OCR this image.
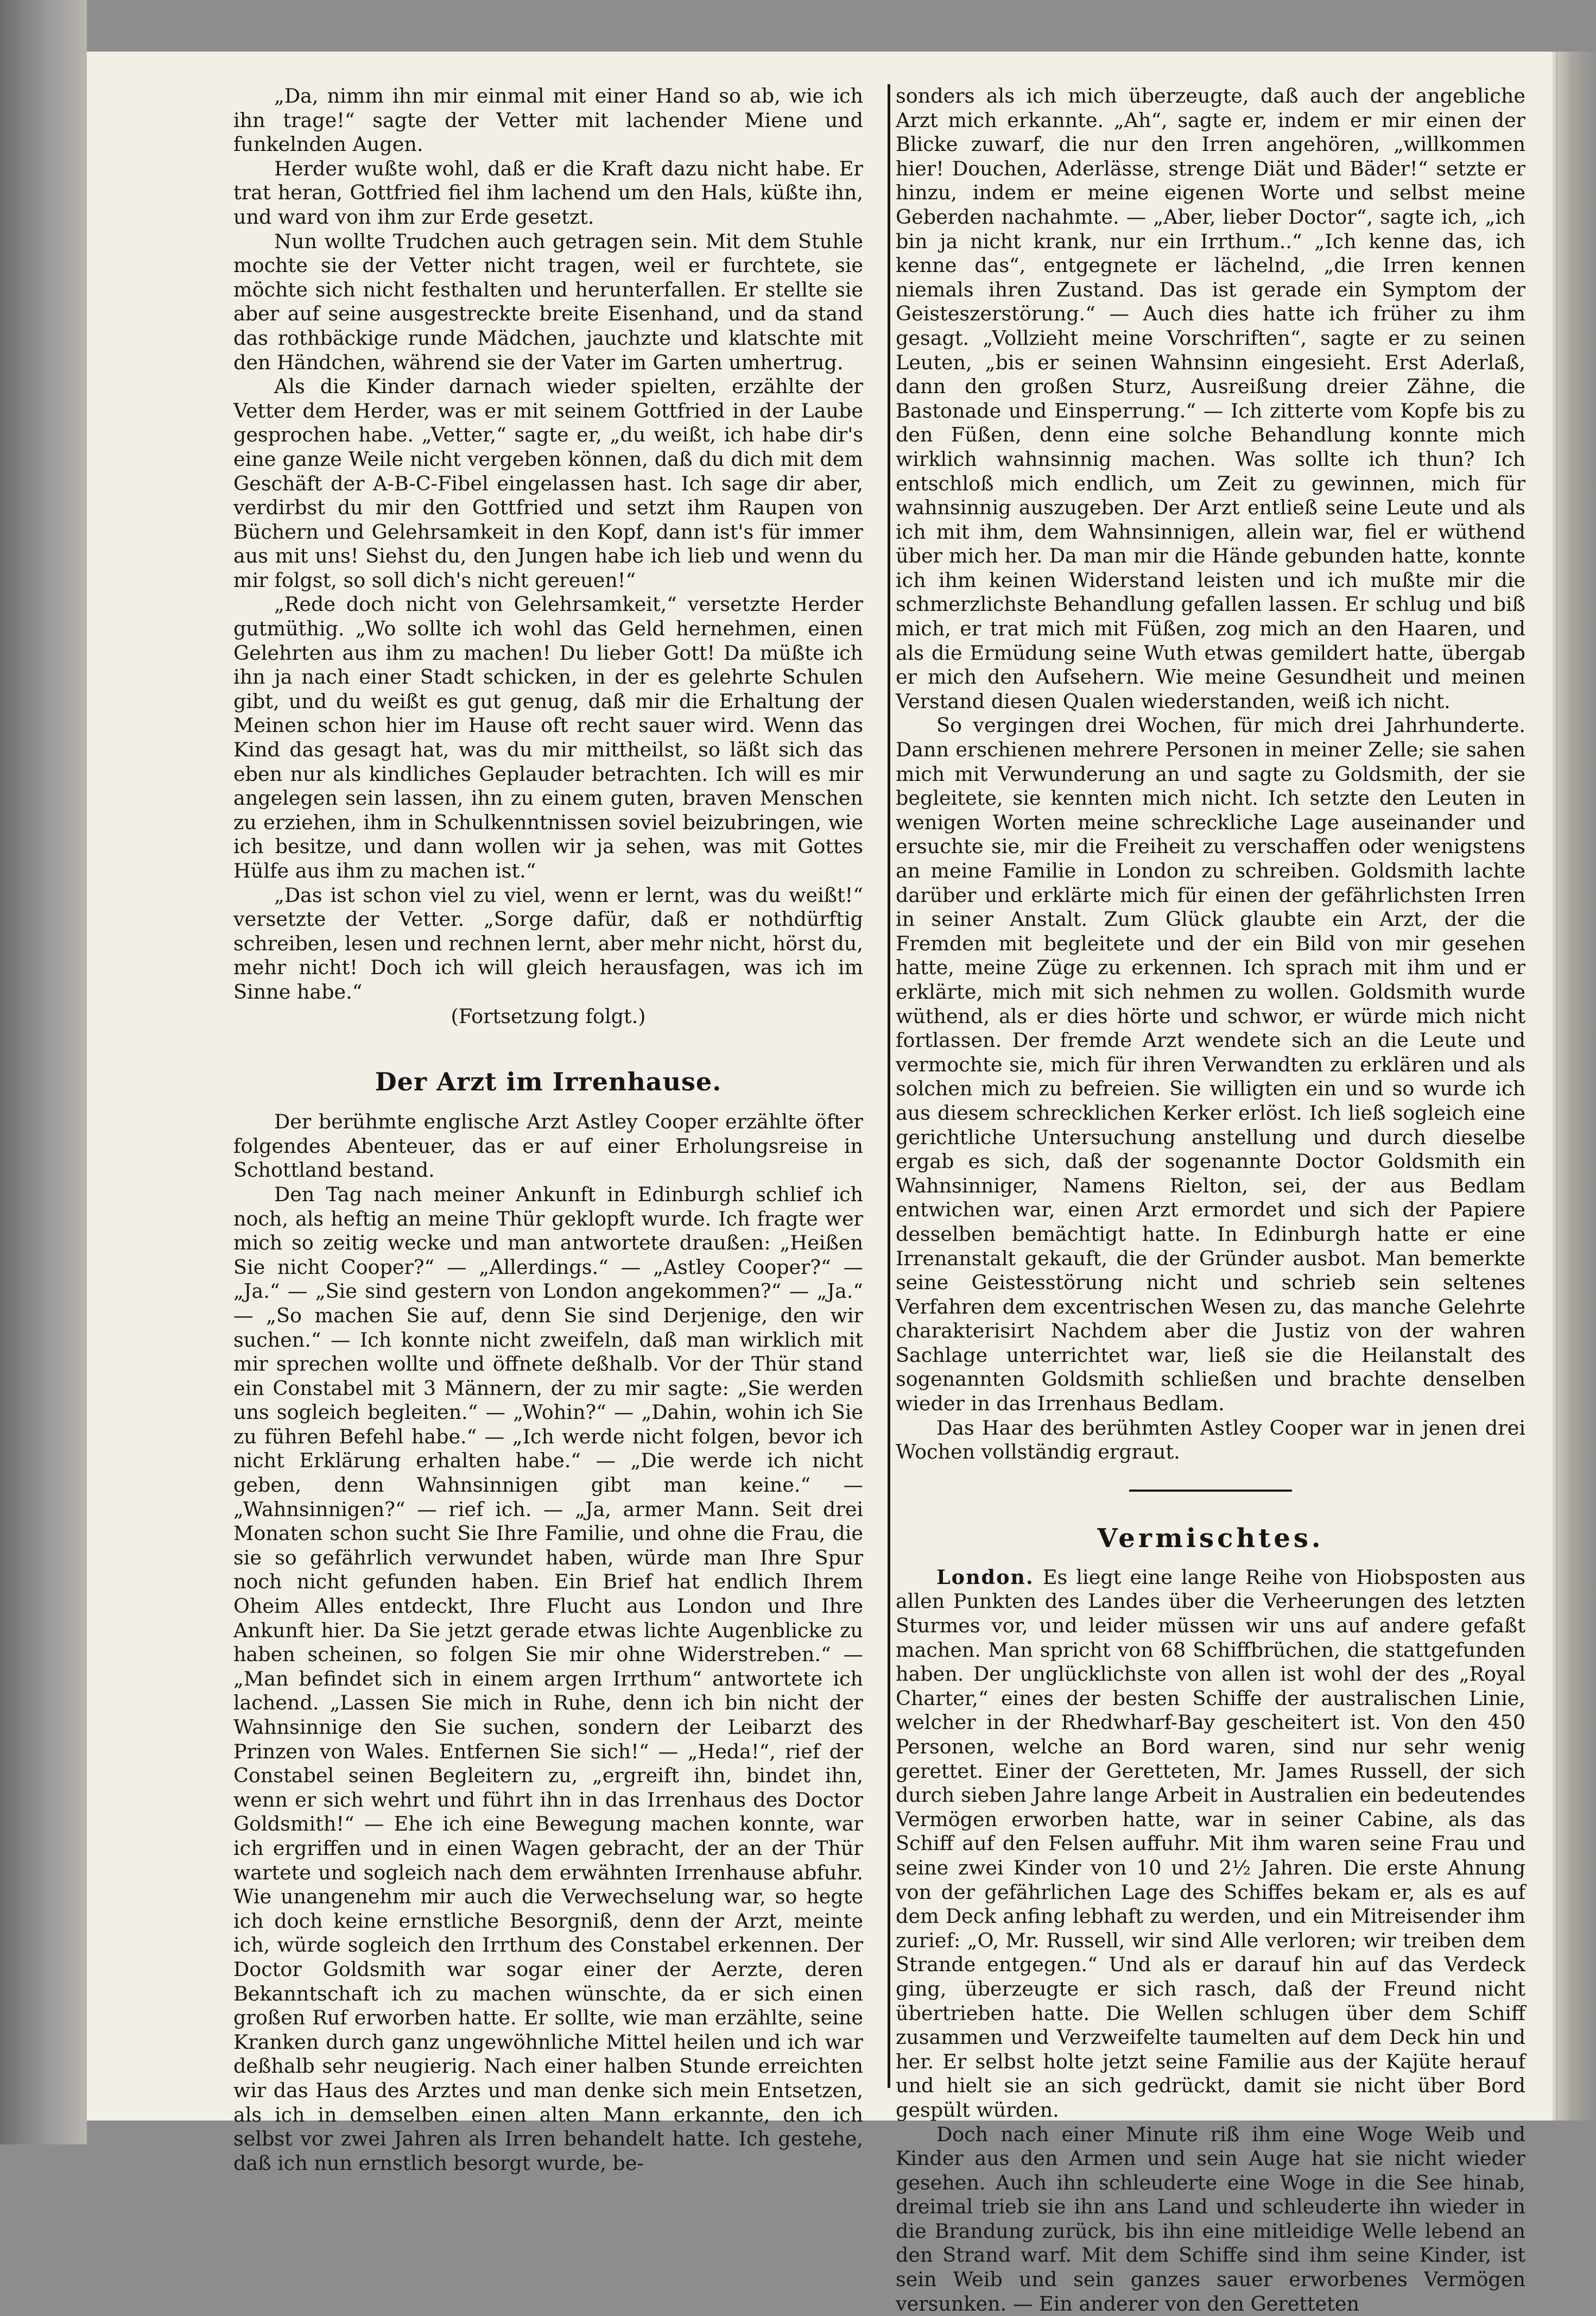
„Da, nimm ihn mir einmal mit einer Hand so ab, wie ich ihn trage!“ sagte der Vetter mit lachender Miene und funkelnden Augen.

Herder wußte wohl, daß er die Kraft dazu nicht habe. Er trat heran, Gottfried fiel ihm lachend um den Hals, küßte ihn, und ward von ihm zur Erde gesetzt.

Nun wollte Trudchen auch getragen sein. Mit dem Stuhle mochte sie der Vetter nicht tragen, weil er furchtete, sie möchte sich nicht festhalten und herunterfallen. Er stellte sie aber auf seine ausgestreckte breite Eisenhand, und da stand das rothbäckige runde Mädchen, jauchzte und klatschte mit den Händchen, während sie der Vater im Garten umhertrug.

Als die Kinder darnach wieder spielten, erzählte der Vetter dem Herder, was er mit seinem Gottfried in der Laube gesprochen habe. „Vetter,“ sagte er, „du weißt, ich habe dir's eine ganze Weile nicht vergeben können, daß du dich mit dem Geschäft der A-B-C-Fibel eingelassen hast. Ich sage dir aber, verdirbst du mir den Gottfried und setzt ihm Raupen von Büchern und Gelehrsamkeit in den Kopf, dann ist's für immer aus mit uns! Siehst du, den Jungen habe ich lieb und wenn du mir folgst, so soll dich's nicht gereuen!“

„Rede doch nicht von Gelehrsamkeit,“ versetzte Herder gutmüthig. „Wo sollte ich wohl das Geld hernehmen, einen Gelehrten aus ihm zu machen! Du lieber Gott! Da müßte ich ihn ja nach einer Stadt schicken, in der es gelehrte Schulen gibt, und du weißt es gut genug, daß mir die Erhaltung der Meinen schon hier im Hause oft recht sauer wird. Wenn das Kind das gesagt hat, was du mir mittheilst, so läßt sich das eben nur als kindliches Geplauder betrachten. Ich will es mir angelegen sein lassen, ihn zu einem guten, braven Menschen zu erziehen, ihm in Schulkenntnissen soviel beizubringen, wie ich besitze, und dann wollen wir ja sehen, was mit Gottes Hülfe aus ihm zu machen ist.“

„Das ist schon viel zu viel, wenn er lernt, was du weißt!“ versetzte der Vetter. „Sorge dafür, daß er nothdürftig schreiben, lesen und rechnen lernt, aber mehr nicht, hörst du, mehr nicht! Doch ich will gleich herausfagen, was ich im Sinne habe.“

(Fortsetzung folgt.)

Der Arzt im Irrenhause.

Der berühmte englische Arzt Astley Cooper erzählte öfter folgendes Abenteuer, das er auf einer Erholungsreise in Schottland bestand.

Den Tag nach meiner Ankunft in Edinburgh schlief ich noch, als heftig an meine Thür geklopft wurde. Ich fragte wer mich so zeitig wecke und man antwortete draußen: „Heißen Sie nicht Cooper?“ — „Allerdings.“ — „Astley Cooper?“ — „Ja.“ — „Sie sind gestern von London angekommen?“ — „Ja.“ — „So machen Sie auf, denn Sie sind Derjenige, den wir suchen.“ — Ich konnte nicht zweifeln, daß man wirklich mit mir sprechen wollte und öffnete deßhalb. Vor der Thür stand ein Constabel mit 3 Männern, der zu mir sagte: „Sie werden uns sogleich begleiten.“ — „Wohin?“ — „Dahin, wohin ich Sie zu führen Befehl habe.“ — „Ich werde nicht folgen, bevor ich nicht Erklärung erhalten habe.“ — „Die werde ich nicht geben, denn Wahnsinnigen gibt man keine.“ — „Wahnsinnigen?“ — rief ich. — „Ja, armer Mann. Seit drei Monaten schon sucht Sie Ihre Familie, und ohne die Frau, die sie so gefährlich verwundet haben, würde man Ihre Spur noch nicht gefunden haben. Ein Brief hat endlich Ihrem Oheim Alles entdeckt, Ihre Flucht aus London und Ihre Ankunft hier. Da Sie jetzt gerade etwas lichte Augenblicke zu haben scheinen, so folgen Sie mir ohne Widerstreben.“ — „Man befindet sich in einem argen Irrthum“ antwortete ich lachend. „Lassen Sie mich in Ruhe, denn ich bin nicht der Wahnsinnige den Sie suchen, sondern der Leibarzt des Prinzen von Wales. Entfernen Sie sich!“ — „Heda!“, rief der Constabel seinen Begleitern zu, „ergreift ihn, bindet ihn, wenn er sich wehrt und führt ihn in das Irrenhaus des Doctor Goldsmith!“ — Ehe ich eine Bewegung machen konnte, war ich ergriffen und in einen Wagen gebracht, der an der Thür wartete und sogleich nach dem erwähnten Irrenhause abfuhr. Wie unangenehm mir auch die Verwechselung war, so hegte ich doch keine ernstliche Besorgniß, denn der Arzt, meinte ich, würde sogleich den Irrthum des Constabel erkennen. Der Doctor Goldsmith war sogar einer der Aerzte, deren Bekanntschaft ich zu machen wünschte, da er sich einen großen Ruf erworben hatte. Er sollte, wie man erzählte, seine Kranken durch ganz ungewöhnliche Mittel heilen und ich war deßhalb sehr neugierig. Nach einer halben Stunde erreichten wir das Haus des Arztes und man denke sich mein Entsetzen, als ich in demselben einen alten Mann erkannte, den ich selbst vor zwei Jahren als Irren behandelt hatte. Ich gestehe, daß ich nun ernstlich besorgt wurde, be-

sonders als ich mich überzeugte, daß auch der angebliche Arzt mich erkannte. „Ah“, sagte er, indem er mir einen der Blicke zuwarf, die nur den Irren angehören, „willkommen hier! Douchen, Aderlässe, strenge Diät und Bäder!“ setzte er hinzu, indem er meine eigenen Worte und selbst meine Geberden nachahmte. — „Aber, lieber Doctor“, sagte ich, „ich bin ja nicht krank, nur ein Irrthum..“ „Ich kenne das, ich kenne das“, entgegnete er lächelnd, „die Irren kennen niemals ihren Zustand. Das ist gerade ein Symptom der Geisteszerstörung.“ — Auch dies hatte ich früher zu ihm gesagt. „Vollzieht meine Vorschriften“, sagte er zu seinen Leuten, „bis er seinen Wahnsinn eingesieht. Erst Aderlaß, dann den großen Sturz, Ausreißung dreier Zähne, die Bastonade und Einsperrung.“ — Ich zitterte vom Kopfe bis zu den Füßen, denn eine solche Behandlung konnte mich wirklich wahnsinnig machen. Was sollte ich thun? Ich entschloß mich endlich, um Zeit zu gewinnen, mich für wahnsinnig auszugeben. Der Arzt entließ seine Leute und als ich mit ihm, dem Wahnsinnigen, allein war, fiel er wüthend über mich her. Da man mir die Hände gebunden hatte, konnte ich ihm keinen Widerstand leisten und ich mußte mir die schmerzlichste Behandlung gefallen lassen. Er schlug und biß mich, er trat mich mit Füßen, zog mich an den Haaren, und als die Ermüdung seine Wuth etwas gemildert hatte, übergab er mich den Aufsehern. Wie meine Gesundheit und meinen Verstand diesen Qualen wiederstanden, weiß ich nicht.

So vergingen drei Wochen, für mich drei Jahrhunderte. Dann erschienen mehrere Personen in meiner Zelle; sie sahen mich mit Verwunderung an und sagte zu Goldsmith, der sie begleitete, sie kennten mich nicht. Ich setzte den Leuten in wenigen Worten meine schreckliche Lage auseinander und ersuchte sie, mir die Freiheit zu verschaffen oder wenigstens an meine Familie in London zu schreiben. Goldsmith lachte darüber und erklärte mich für einen der gefährlichsten Irren in seiner Anstalt. Zum Glück glaubte ein Arzt, der die Fremden mit begleitete und der ein Bild von mir gesehen hatte, meine Züge zu erkennen. Ich sprach mit ihm und er erklärte, mich mit sich nehmen zu wollen. Goldsmith wurde wüthend, als er dies hörte und schwor, er würde mich nicht fortlassen. Der fremde Arzt wendete sich an die Leute und vermochte sie, mich für ihren Verwandten zu erklären und als solchen mich zu befreien. Sie willigten ein und so wurde ich aus diesem schrecklichen Kerker erlöst. Ich ließ sogleich eine gerichtliche Untersuchung anstellung und durch dieselbe ergab es sich, daß der sogenannte Doctor Goldsmith ein Wahnsinniger, Namens Rielton, sei, der aus Bedlam entwichen war, einen Arzt ermordet und sich der Papiere desselben bemächtigt hatte. In Edinburgh hatte er eine Irrenanstalt gekauft, die der Gründer ausbot. Man bemerkte seine Geistesstörung nicht und schrieb sein seltenes Verfahren dem excentrischen Wesen zu, das manche Gelehrte charakterisirt Nachdem aber die Justiz von der wahren Sachlage unterrichtet war, ließ sie die Heilanstalt des sogenannten Goldsmith schließen und brachte denselben wieder in das Irrenhaus Bedlam.

Das Haar des berühmten Astley Cooper war in jenen drei Wochen vollständig ergraut.

Vermischtes.

London. Es liegt eine lange Reihe von Hiobsposten aus allen Punkten des Landes über die Verheerungen des letzten Sturmes vor, und leider müssen wir uns auf andere gefaßt machen. Man spricht von 68 Schiffbrüchen, die stattgefunden haben. Der unglücklichste von allen ist wohl der des „Royal Charter,“ eines der besten Schiffe der australischen Linie, welcher in der Rhedwharf-Bay gescheitert ist. Von den 450 Personen, welche an Bord waren, sind nur sehr wenig gerettet. Einer der Geretteten, Mr. James Russell, der sich durch sieben Jahre lange Arbeit in Australien ein bedeutendes Vermögen erworben hatte, war in seiner Cabine, als das Schiff auf den Felsen auffuhr. Mit ihm waren seine Frau und seine zwei Kinder von 10 und 2½ Jahren. Die erste Ahnung von der gefährlichen Lage des Schiffes bekam er, als es auf dem Deck anfing lebhaft zu werden, und ein Mitreisender ihm zurief: „O, Mr. Russell, wir sind Alle verloren; wir treiben dem Strande entgegen.“ Und als er darauf hin auf das Verdeck ging, überzeugte er sich rasch, daß der Freund nicht übertrieben hatte. Die Wellen schlugen über dem Schiff zusammen und Verzweifelte taumelten auf dem Deck hin und her. Er selbst holte jetzt seine Familie aus der Kajüte herauf und hielt sie an sich gedrückt, damit sie nicht über Bord gespült würden.

Doch nach einer Minute riß ihm eine Woge Weib und Kinder aus den Armen und sein Auge hat sie nicht wieder gesehen. Auch ihn schleuderte eine Woge in die See hinab, dreimal trieb sie ihn ans Land und schleuderte ihn wieder in die Brandung zurück, bis ihn eine mitleidige Welle lebend an den Strand warf. Mit dem Schiffe sind ihm seine Kinder, ist sein Weib und sein ganzes sauer erworbenes Vermögen versunken. — Ein anderer von den Geretteten
